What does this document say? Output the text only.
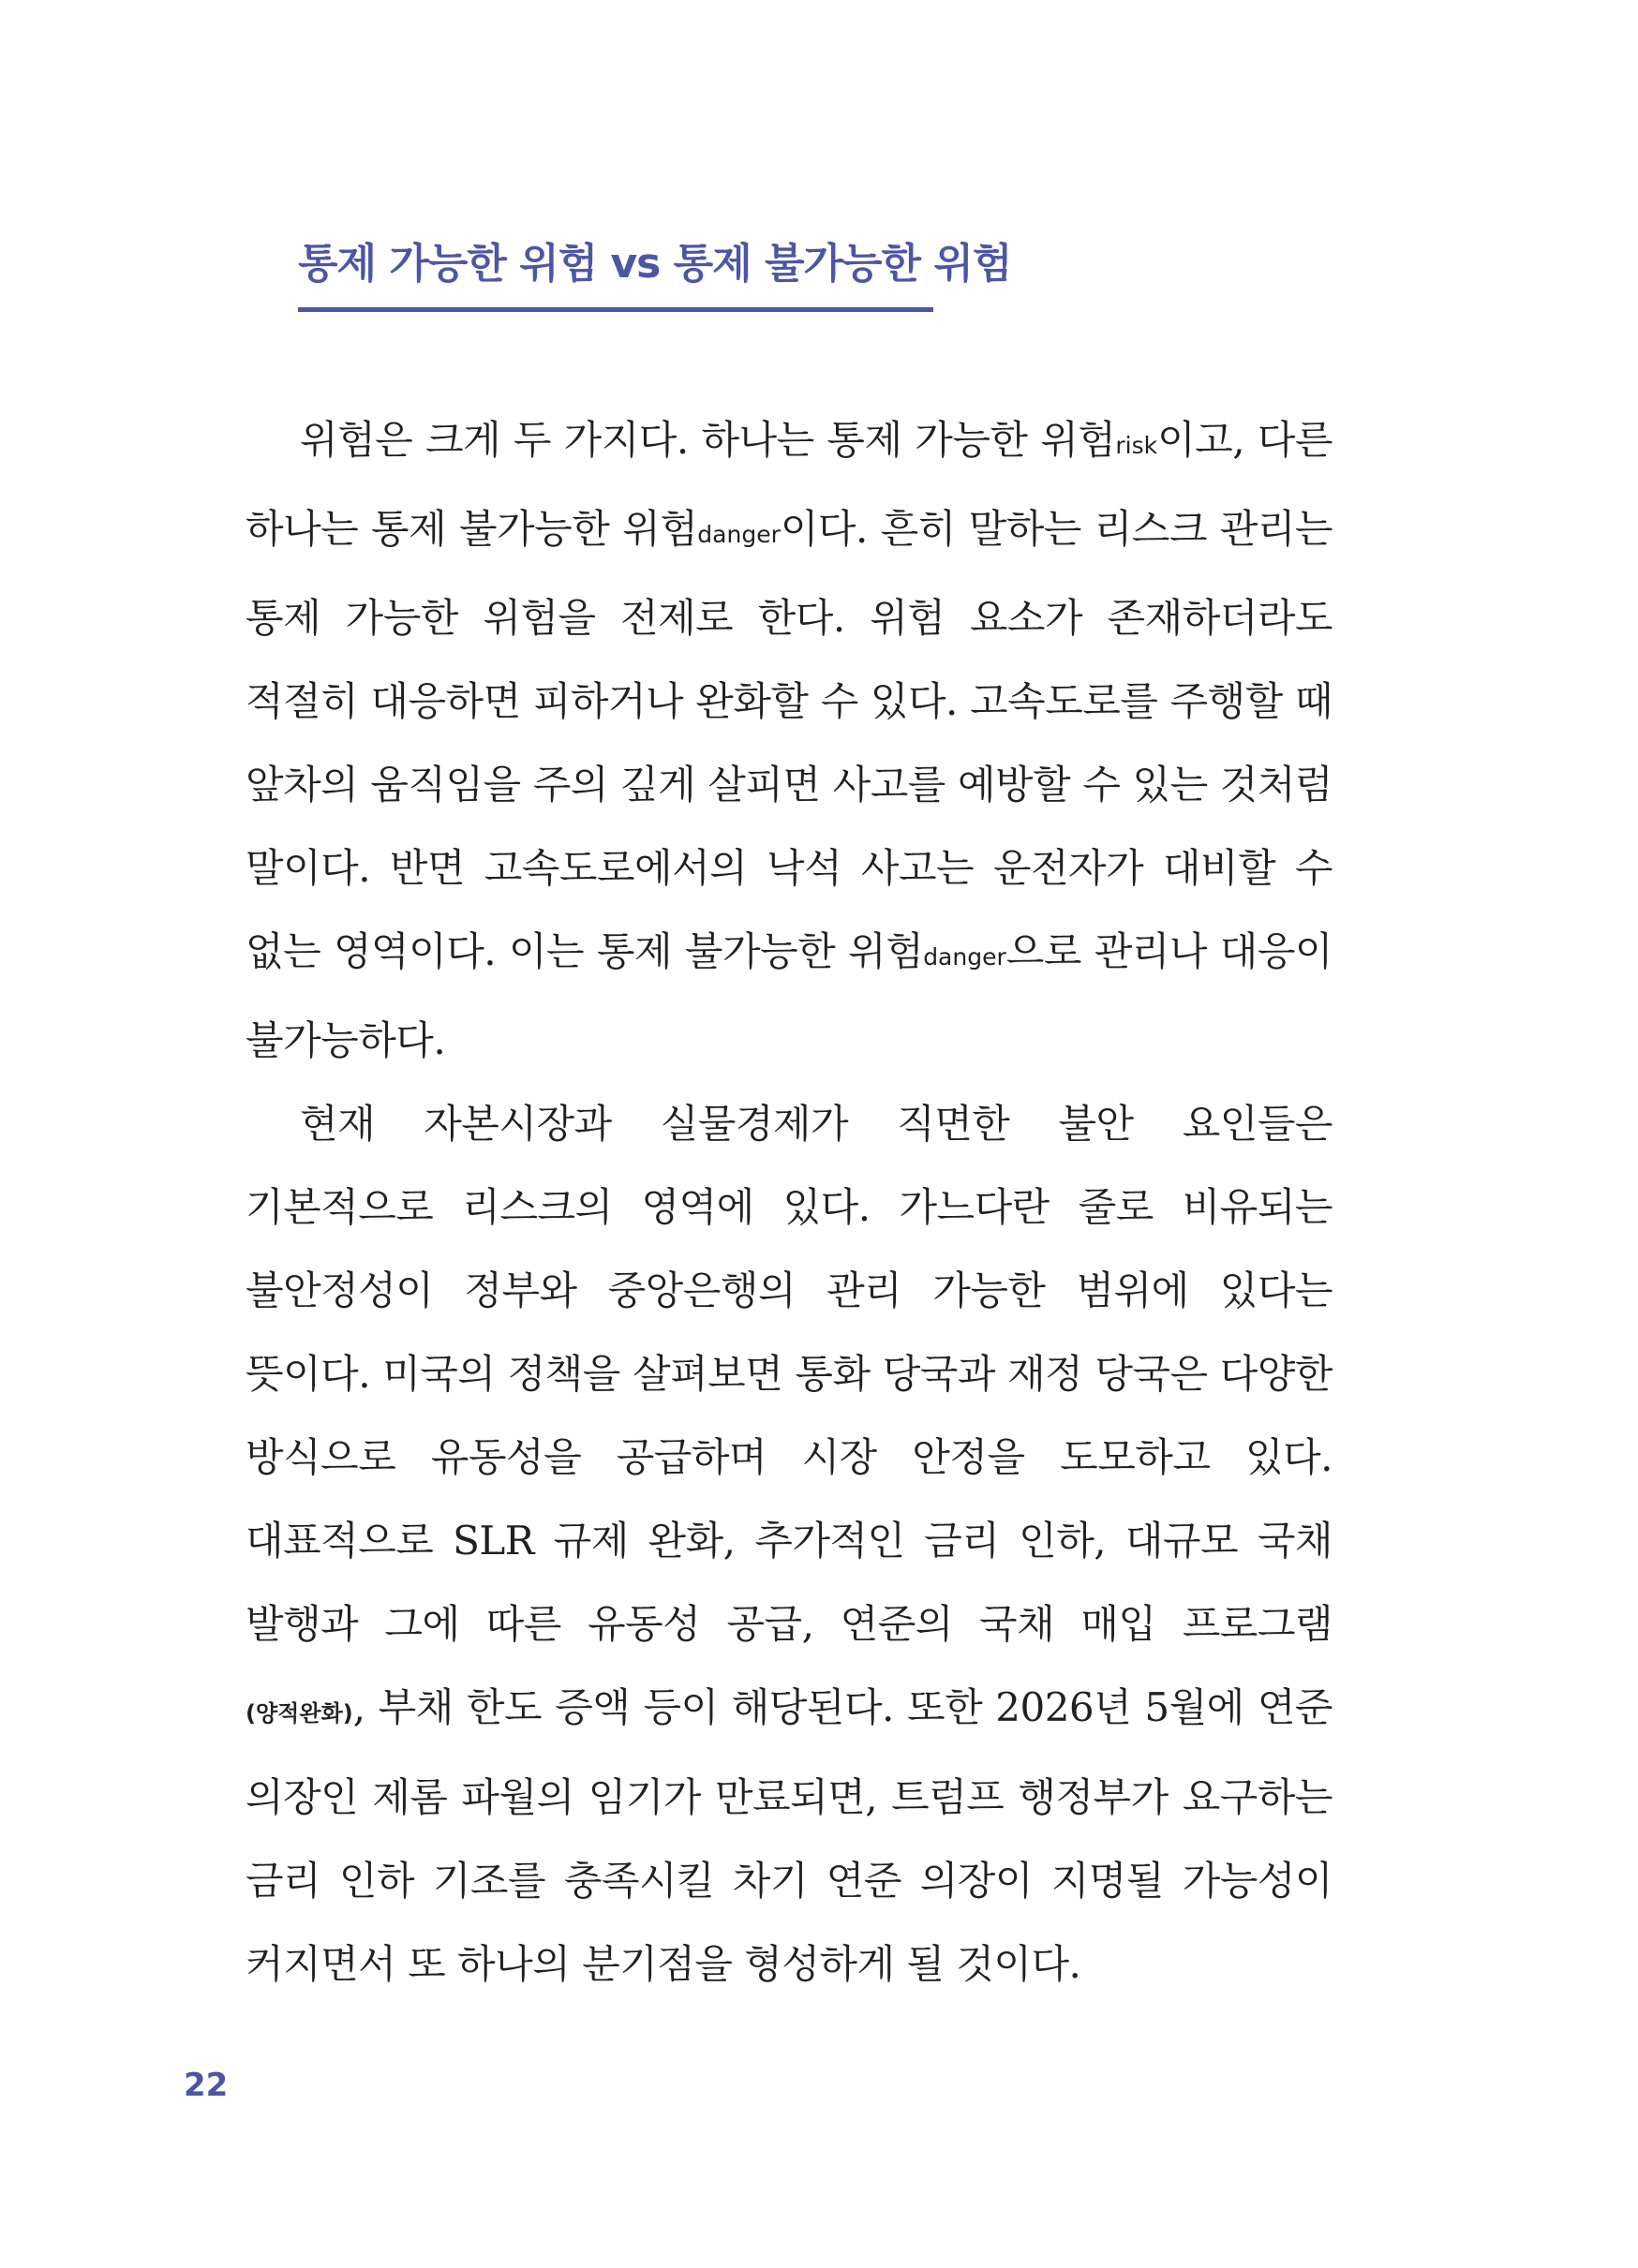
통제 가능한 위험 vs 통제 불가능한 위험

위험은 크게 두 가지다. 하나는 통제 가능한 위험risk이고, 다른 하나는 통제 불가능한 위험danger이다. 흔히 말하는 리스크 관리는 통제 가능한 위험을 전제로 한다. 위험 요소가 존재하더라도 적절히 대응하면 피하거나 완화할 수 있다. 고속도로를 주행할 때 앞차의 움직임을 주의 깊게 살피면 사고를 예방할 수 있는 것처럼 말이다. 반면 고속도로에서의 낙석 사고는 운전자가 대비할 수 없는 영역이다. 이는 통제 불가능한 위험danger으로 관리나 대응이 불가능하다.

현재 자본시장과 실물경제가 직면한 불안 요인들은 기본적으로 리스크의 영역에 있다. 가느다란 줄로 비유되는 불안정성이 정부와 중앙은행의 관리 가능한 범위에 있다는 뜻이다. 미국의 정책을 살펴보면 통화 당국과 재정 당국은 다양한 방식으로 유동성을 공급하며 시장 안정을 도모하고 있다. 대표적으로 SLR 규제 완화, 추가적인 금리 인하, 대규모 국채 발행과 그에 따른 유동성 공급, 연준의 국채 매입 프로그램(양적완화), 부채 한도 증액 등이 해당된다. 또한 2026년 5월에 연준 의장인 제롬 파월의 임기가 만료되면, 트럼프 행정부가 요구하는 금리 인하 기조를 충족시킬 차기 연준 의장이 지명될 가능성이 커지면서 또 하나의 분기점을 형성하게 될 것이다.

22
